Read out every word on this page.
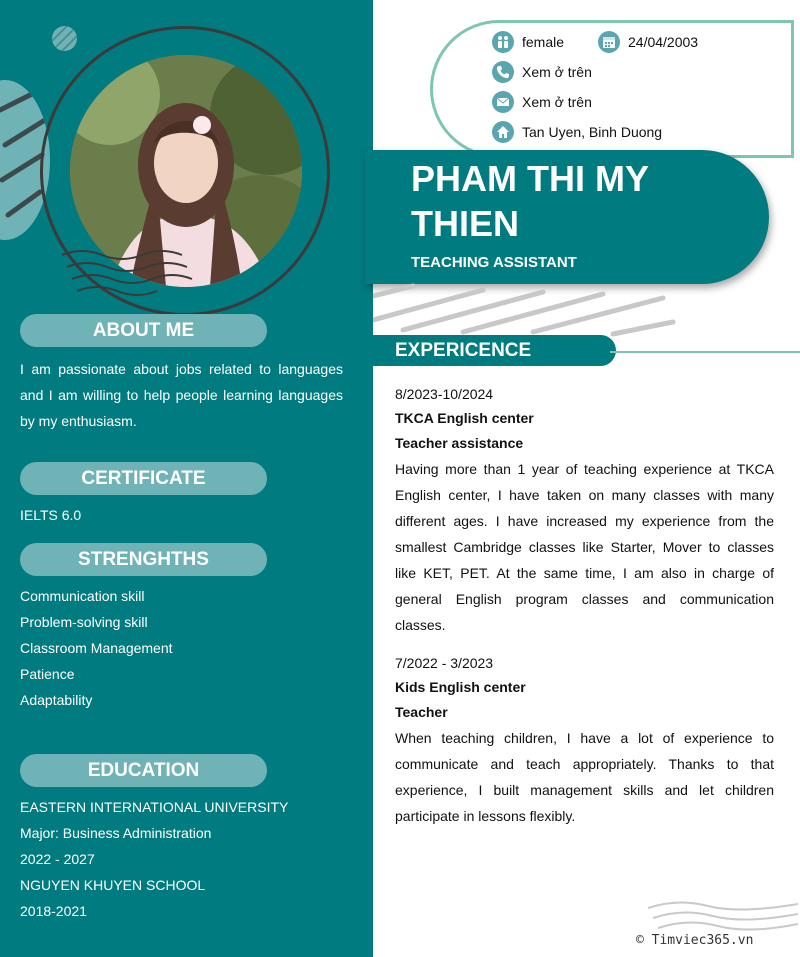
ABOUT ME

I am passionate about jobs related to languages and I am willing to help people learning languages by my enthusiasm.

CERTIFICATE
IELTS 6.0
STRENGHTHS
Communication skill
Problem-solving skill
Classroom Management
Patience
Adaptability
EDUCATION
EASTERN INTERNATIONAL UNIVERSITY
Major: Business Administration
2022 - 2027
NGUYEN KHUYEN SCHOOL
2018-2021
female	24/04/2003
Xem ở trên
Xem ở trên
Tan Uyen, Binh Duong
PHAM THI MY THIEN
TEACHING ASSISTANT
EXPERICENCE
8/2023-10/2024
TKCA English center
Teacher assistance

Having more than 1 year of teaching experience at TKCA English center, I have taken on many classes with many different ages. I have increased my experience from the smallest Cambridge classes like Starter, Mover to classes like KET, PET. At the same time, I am also in charge of general English program classes and communication classes.

7/2022 - 3/2023
Kids English center
Teacher

When teaching children, I have a lot of experience to communicate and teach appropriately. Thanks to that experience, I built management skills and let children participate in lessons flexibly.

© Timviec365.vn
